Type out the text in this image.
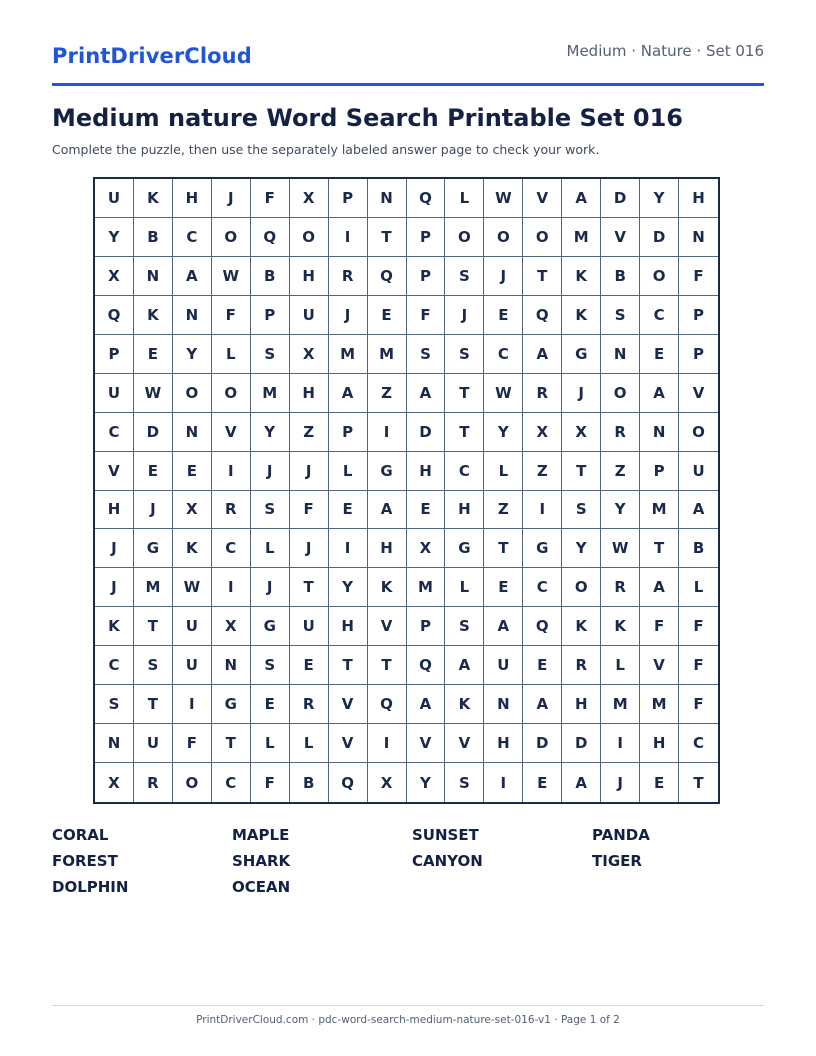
PrintDriverCloud	Medium · Nature · Set 016
Medium nature Word Search Printable Set 016
Complete the puzzle, then use the separately labeled answer page to check your work.
U	K	H	J	F	X	P	N	Q	L	W	V	A	D	Y	H
Y	B	C	O	Q	O	I	T	P	O	O	O	M	V	D	N
X	N	A	W	B	H	R	Q	P	S	J	T	K	B	O	F
Q	K	N	F	P	U	J	E	F	J	E	Q	K	S	C	P
P	E	Y	L	S	X	M	M	S	S	C	A	G	N	E	P
U	W	O	O	M	H	A	Z	A	T	W	R	J	O	A	V
C	D	N	V	Y	Z	P	I	D	T	Y	X	X	R	N	O
V	E	E	I	J	J	L	G	H	C	L	Z	T	Z	P	U
H	J	X	R	S	F	E	A	E	H	Z	I	S	Y	M	A
J	G	K	C	L	J	I	H	X	G	T	G	Y	W	T	B
J	M	W	I	J	T	Y	K	M	L	E	C	O	R	A	L
K	T	U	X	G	U	H	V	P	S	A	Q	K	K	F	F
C	S	U	N	S	E	T	T	Q	A	U	E	R	L	V	F
S	T	I	G	E	R	V	Q	A	K	N	A	H	M	M	F
N	U	F	T	L	L	V	I	V	V	H	D	D	I	H	C
X	R	O	C	F	B	Q	X	Y	S	I	E	A	J	E	T
CORAL	MAPLE	SUNSET	PANDA
FOREST	SHARK	CANYON	TIGER
DOLPHIN	OCEAN
PrintDriverCloud.com · pdc-word-search-medium-nature-set-016-v1 · Page 1 of 2
